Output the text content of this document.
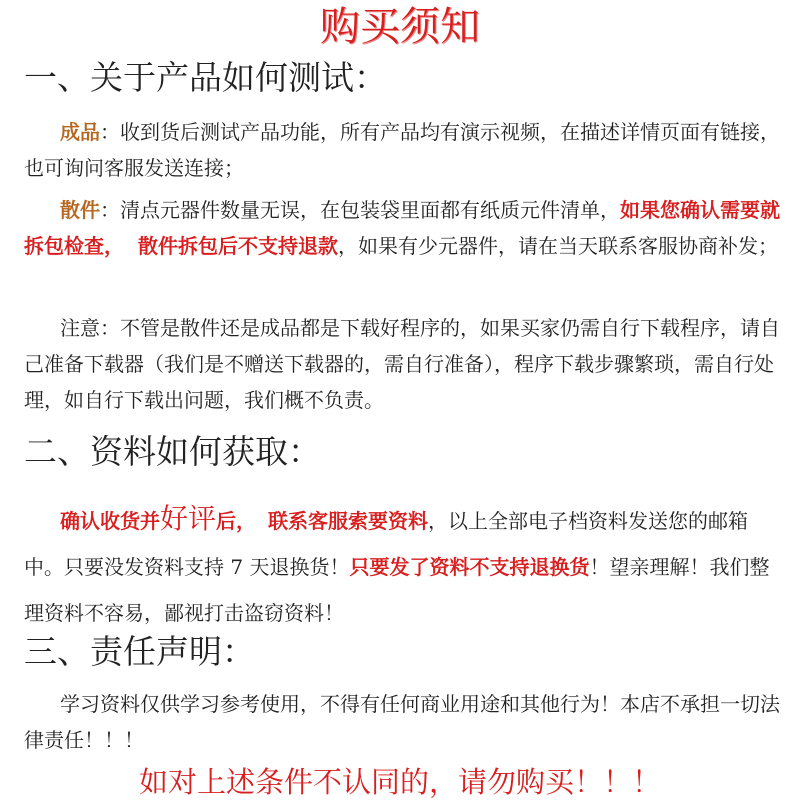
购买须知
一、关于产品如何测试：
成品：收到货后测试产品功能，所有产品均有演示视频，在描述详情页面有链接，也可询问客服发送连接；
散件：清点元器件数量无误，在包装袋里面都有纸质元件清单，如果您确认需要就拆包检查， 散件拆包后不支持退款，如果有少元器件，请在当天联系客服协商补发；
注意：不管是散件还是成品都是下载好程序的，如果买家仍需自行下载程序，请自己准备下载器（我们是不赠送下载器的，需自行准备），程序下载步骤繁琐，需自行处理，如自行下载出问题，我们概不负责。
二、资料如何获取：
确认收货并好评后， 联系客服索要资料，以上全部电子档资料发送您的邮箱中。只要没发资料支持 7 天退换货！只要发了资料不支持退换货！望亲理解！我们整理资料不容易，鄙视打击盗窃资料！
三、责任声明：
学习资料仅供学习参考使用，不得有任何商业用途和其他行为！本店不承担一切法律责任！！！
如对上述条件不认同的，请勿购买！！！
